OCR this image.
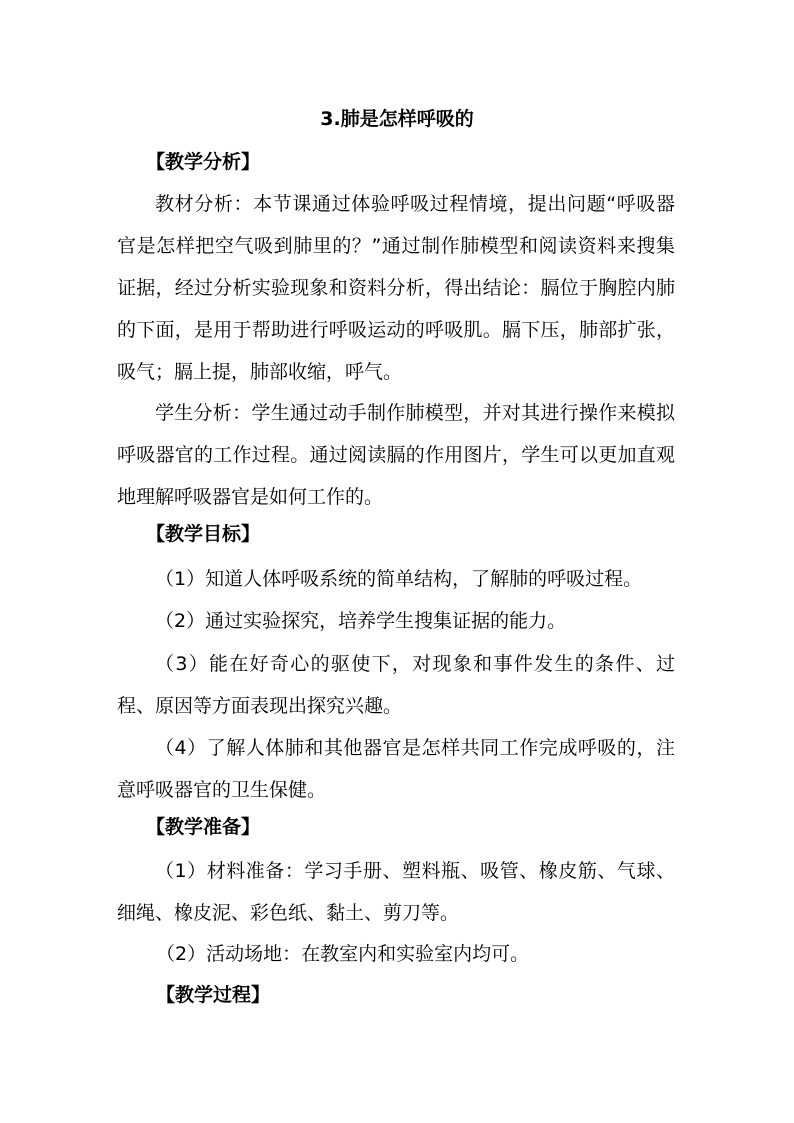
3.肺是怎样呼吸的
【教学分析】
教材分析：本节课通过体验呼吸过程情境，提出问题“呼吸器官是怎样把空气吸到肺里的？”通过制作肺模型和阅读资料来搜集证据，经过分析实验现象和资料分析，得出结论：膈位于胸腔内肺的下面，是用于帮助进行呼吸运动的呼吸肌。膈下压，肺部扩张，吸气；膈上提，肺部收缩，呼气。
学生分析：学生通过动手制作肺模型，并对其进行操作来模拟呼吸器官的工作过程。通过阅读膈的作用图片，学生可以更加直观地理解呼吸器官是如何工作的。
【教学目标】
（1）知道人体呼吸系统的简单结构，了解肺的呼吸过程。
（2）通过实验探究，培养学生搜集证据的能力。
（3）能在好奇心的驱使下，对现象和事件发生的条件、过程、原因等方面表现出探究兴趣。
（4）了解人体肺和其他器官是怎样共同工作完成呼吸的，注意呼吸器官的卫生保健。
【教学准备】
（1）材料准备：学习手册、塑料瓶、吸管、橡皮筋、气球、细绳、橡皮泥、彩色纸、黏土、剪刀等。
（2）活动场地：在教室内和实验室内均可。
【教学过程】
